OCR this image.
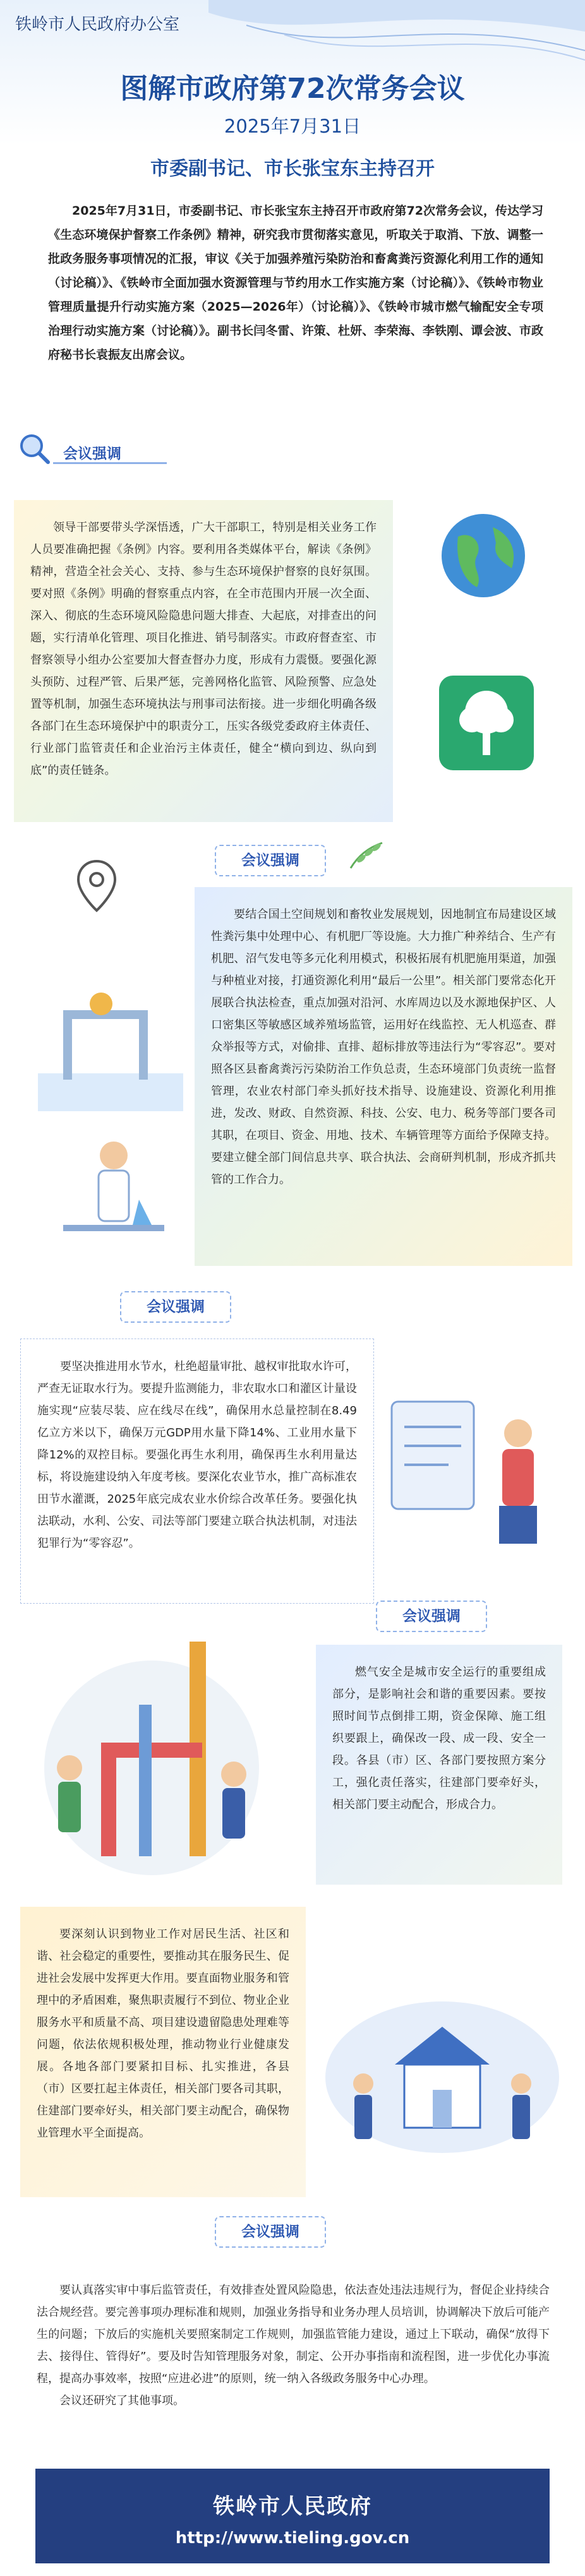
铁岭市人民政府办公室
图解市政府第72次常务会议
2025年7月31日
市委副书记、市长张宝东主持召开
2025年7月31日，市委副书记、市长张宝东主持召开市政府第72次常务会议，传达学习《生态环境保护督察工作条例》精神，研究我市贯彻落实意见，听取关于取消、下放、调整一批政务服务事项情况的汇报，审议《关于加强养殖污染防治和畜禽粪污资源化利用工作的通知（讨论稿）》、《铁岭市全面加强水资源管理与节约用水工作实施方案（讨论稿）》、《铁岭市物业管理质量提升行动实施方案（2025—2026年）（讨论稿）》、《铁岭市城市燃气输配安全专项治理行动实施方案（讨论稿）》。副书长闫冬雷、许策、杜妍、李荣海、李铁刚、谭会波、市政府秘书长袁振友出席会议。
会议强调
领导干部要带头学深悟透，广大干部职工，特别是相关业务工作人员要准确把握《条例》内容。要利用各类媒体平台，解读《条例》精神，营造全社会关心、支持、参与生态环境保护督察的良好氛围。要对照《条例》明确的督察重点内容，在全市范围内开展一次全面、深入、彻底的生态环境风险隐患问题大排查、大起底，对排查出的问题，实行清单化管理、项目化推进、销号制落实。市政府督查室、市督察领导小组办公室要加大督查督办力度，形成有力震慑。要强化源头预防、过程严管、后果严惩，完善网格化监管、风险预警、应急处置等机制，加强生态环境执法与刑事司法衔接。进一步细化明确各级各部门在生态环境保护中的职责分工，压实各级党委政府主体责任、行业部门监管责任和企业治污主体责任，健全“横向到边、纵向到底”的责任链条。
会议强调
要结合国土空间规划和畜牧业发展规划，因地制宜布局建设区域性粪污集中处理中心、有机肥厂等设施。大力推广种养结合、生产有机肥、沼气发电等多元化利用模式，积极拓展有机肥施用渠道，加强与种植业对接，打通资源化利用“最后一公里”。相关部门要常态化开展联合执法检查，重点加强对沿河、水库周边以及水源地保护区、人口密集区等敏感区域养殖场监管，运用好在线监控、无人机巡查、群众举报等方式，对偷排、直排、超标排放等违法行为“零容忍”。要对照各区县畜禽粪污污染防治工作负总责，生态环境部门负责统一监督管理，农业农村部门牵头抓好技术指导、设施建设、资源化利用推进，发改、财政、自然资源、科技、公安、电力、税务等部门要各司其职，在项目、资金、用地、技术、车辆管理等方面给予保障支持。要建立健全部门间信息共享、联合执法、会商研判机制，形成齐抓共管的工作合力。
会议强调
要坚决推进用水节水，杜绝超量审批、越权审批取水许可，严查无证取水行为。要提升监测能力，非农取水口和灌区计量设施实现“应装尽装、应在线尽在线”，确保用水总量控制在8.49亿立方米以下，确保万元GDP用水量下降14%、工业用水量下降12%的双控目标。要强化再生水利用，确保再生水利用量达标，将设施建设纳入年度考核。要深化农业节水，推广高标准农田节水灌溉，2025年底完成农业水价综合改革任务。要强化执法联动，水利、公安、司法等部门要建立联合执法机制，对违法犯罪行为“零容忍”。
会议强调
燃气安全是城市安全运行的重要组成部分，是影响社会和谐的重要因素。要按照时间节点倒排工期，资金保障、施工组织要跟上，确保改一段、成一段、安全一段。各县（市）区、各部门要按照方案分工，强化责任落实，往建部门要牵好头，相关部门要主动配合，形成合力。
要深刻认识到物业工作对居民生活、社区和谐、社会稳定的重要性，要推动其在服务民生、促进社会发展中发挥更大作用。要直面物业服务和管理中的矛盾困难，聚焦职责履行不到位、物业企业服务水平和质量不高、项目建设遗留隐患处理难等问题，依法依规积极处理，推动物业行业健康发展。各地各部门要紧扣目标、扎实推进，各县（市）区要扛起主体责任，相关部门要各司其职，住建部门要牵好头，相关部门要主动配合，确保物业管理水平全面提高。
会议强调
要认真落实审中事后监管责任，有效排查处置风险隐患，依法查处违法违规行为，督促企业持续合法合规经营。要完善事项办理标准和规则，加强业务指导和业务办理人员培训，协调解决下放后可能产生的问题；下放后的实施机关要照案制定工作规则，加强监管能力建设，通过上下联动，确保“放得下去、接得住、管得好”。要及时告知管理服务对象，制定、公开办事指南和流程图，进一步优化办事流程，提高办事效率，按照“应进必进”的原则，统一纳入各级政务服务中心办理。
会议还研究了其他事项。
铁岭市人民政府
http://www.tieling.gov.cn
